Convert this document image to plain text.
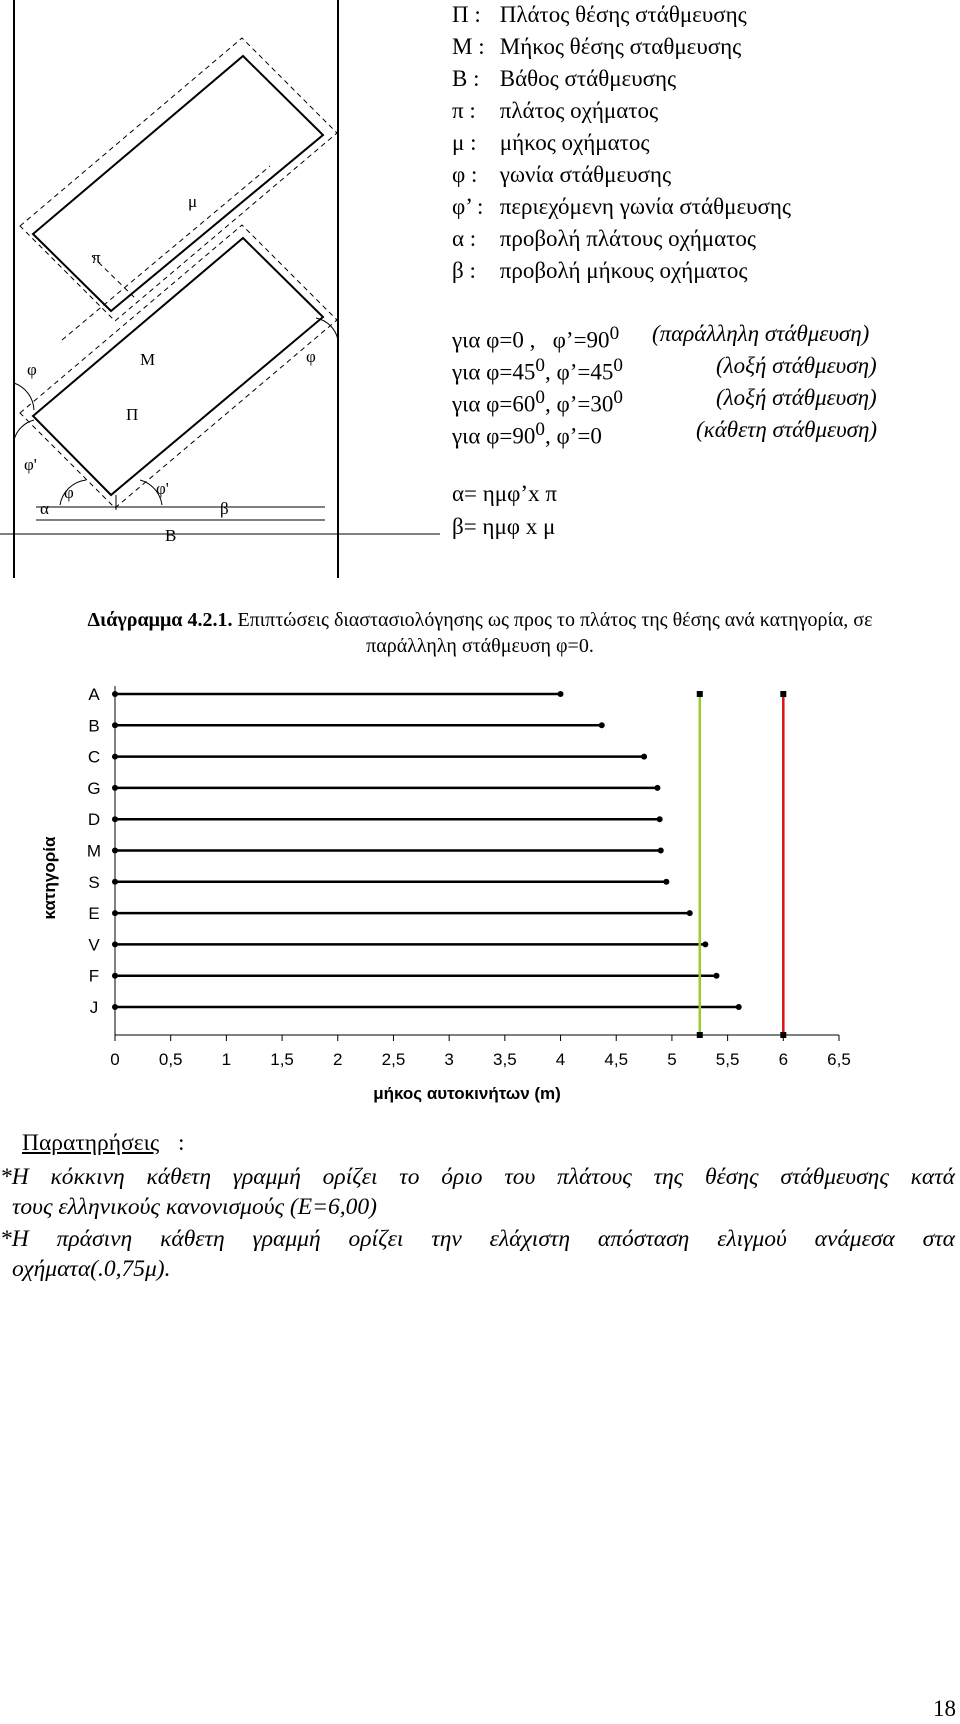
μ
π
M
Π
φ
φ'
φ
α
φ	φ'
β
B
Π : Πλάτος θέσης στάθμευσης
Μ : Μήκος θέσης σταθμευσης
Β : Βάθος στάθμευσης
π : πλάτος οχήματος
μ : μήκος οχήματος
φ : γωνία στάθμευσης
φ’ : περιεχόμενη γωνία στάθμευσης
α : προβολή πλάτους οχήματος
β : προβολή μήκους οχήματος
για φ=0 , $\varphi’=90^0$ (παράλληλη στάθμευση)
για $\varphi=45^0$, $\varphi’=45^0$	(λοξή στάθμευση)
για $\varphi=60^0$, $\varphi’=30^0$	(λοξή στάθμευση)
για $\varphi=90^0$, φ’=0	(κάθετη στάθμευση)
α= ημφ’x π
β= ημφ x μ
Διάγραμμα 4.2.1. Επιπτώσεις διαστασιολόγησης ως προς το πλάτος της θέσης ανά κατηγορία, σε
παράλληλη στάθμευση φ=0.
A
B
C
G
D
M
S
E
V
F
J
0 0,5 1 1,5 2 2,5 3 3,5 4 4,5 5 5,5 6 6,5
μήκος αυτοκινήτων (m)
κατηγορία
Παρατηρήσεις :
*Η κόκκινη κάθετη γραμμή ορίζει το όριο του πλάτους της θέσης στάθμευσης κατά
τους ελληνικούς κανονισμούς (Ε=6,00)
*Η πράσινη κάθετη γραμμή ορίζει την ελάχιστη απόσταση ελιγμού ανάμεσα στα
οχήματα(.0,75μ).
18
